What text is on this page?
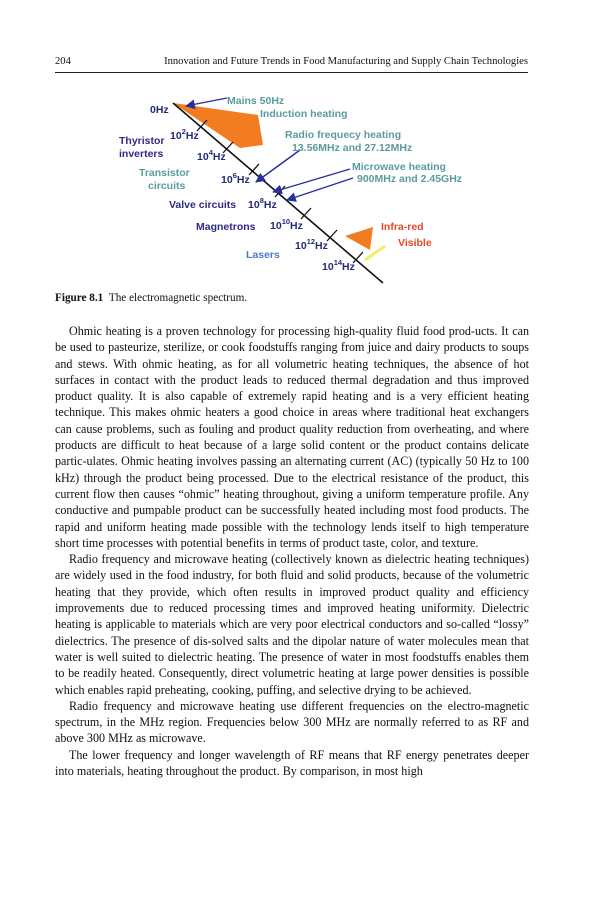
204	Innovation and Future Trends in Food Manufacturing and Supply Chain Technologies
0Hz
$10^2Hz$
$10^4Hz$
$10^6Hz$
$10^8Hz$
$10^{10}Hz$
$10^{12}Hz$
$10^{14}Hz$
Thyristor
inverters
Transistor
circuits
Valve circuits
Magnetrons
Lasers
Mains 50Hz
Induction heating
Radio frequecy heating
13.56MHz and 27.12MHz
Microwave heating
900MHz and 2.45GHz
Infra-red
Visible
Figure 8.1 The electromagnetic spectrum.

Ohmic heating is a proven technology for processing high-quality fluid food prod-ucts. It can be used to pasteurize, sterilize, or cook foodstuffs ranging from juice and dairy products to soups and stews. With ohmic heating, as for all volumetric heating techniques, the absence of hot surfaces in contact with the product leads to reduced thermal degradation and thus improved product quality. It is also capable of extremely rapid heating and is a very efficient heating technique. This makes ohmic heaters a good choice in areas where traditional heat exchangers can cause problems, such as fouling and product quality reduction from overheating, and where products are difficult to heat because of a large solid content or the product contains delicate partic-ulates. Ohmic heating involves passing an alternating current (AC) (typically 50 Hz to 100 kHz) through the product being processed. Due to the electrical resistance of the product, this current flow then causes “ohmic” heating throughout, giving a uniform temperature profile. Any conductive and pumpable product can be successfully heated including most food products. The rapid and uniform heating made possible with the technology lends itself to high temperature short time processes with potential benefits in terms of product taste, color, and texture.

Radio frequency and microwave heating (collectively known as dielectric heating techniques) are widely used in the food industry, for both fluid and solid products, because of the volumetric heating that they provide, which often results in improved product quality and efficiency improvements due to reduced processing times and improved heating uniformity. Dielectric heating is applicable to materials which are very poor electrical conductors and so-called “lossy” dielectrics. The presence of dis-solved salts and the dipolar nature of water molecules mean that water is well suited to dielectric heating. The presence of water in most foodstuffs enables them to be readily heated. Consequently, direct volumetric heating at large power densities is possible which enables rapid preheating, cooking, puffing, and selective drying to be achieved.

Radio frequency and microwave heating use different frequencies on the electro-magnetic spectrum, in the MHz region. Frequencies below 300 MHz are normally referred to as RF and above 300 MHz as microwave.

The lower frequency and longer wavelength of RF means that RF energy penetrates deeper into materials, heating throughout the product. By comparison, in most high
